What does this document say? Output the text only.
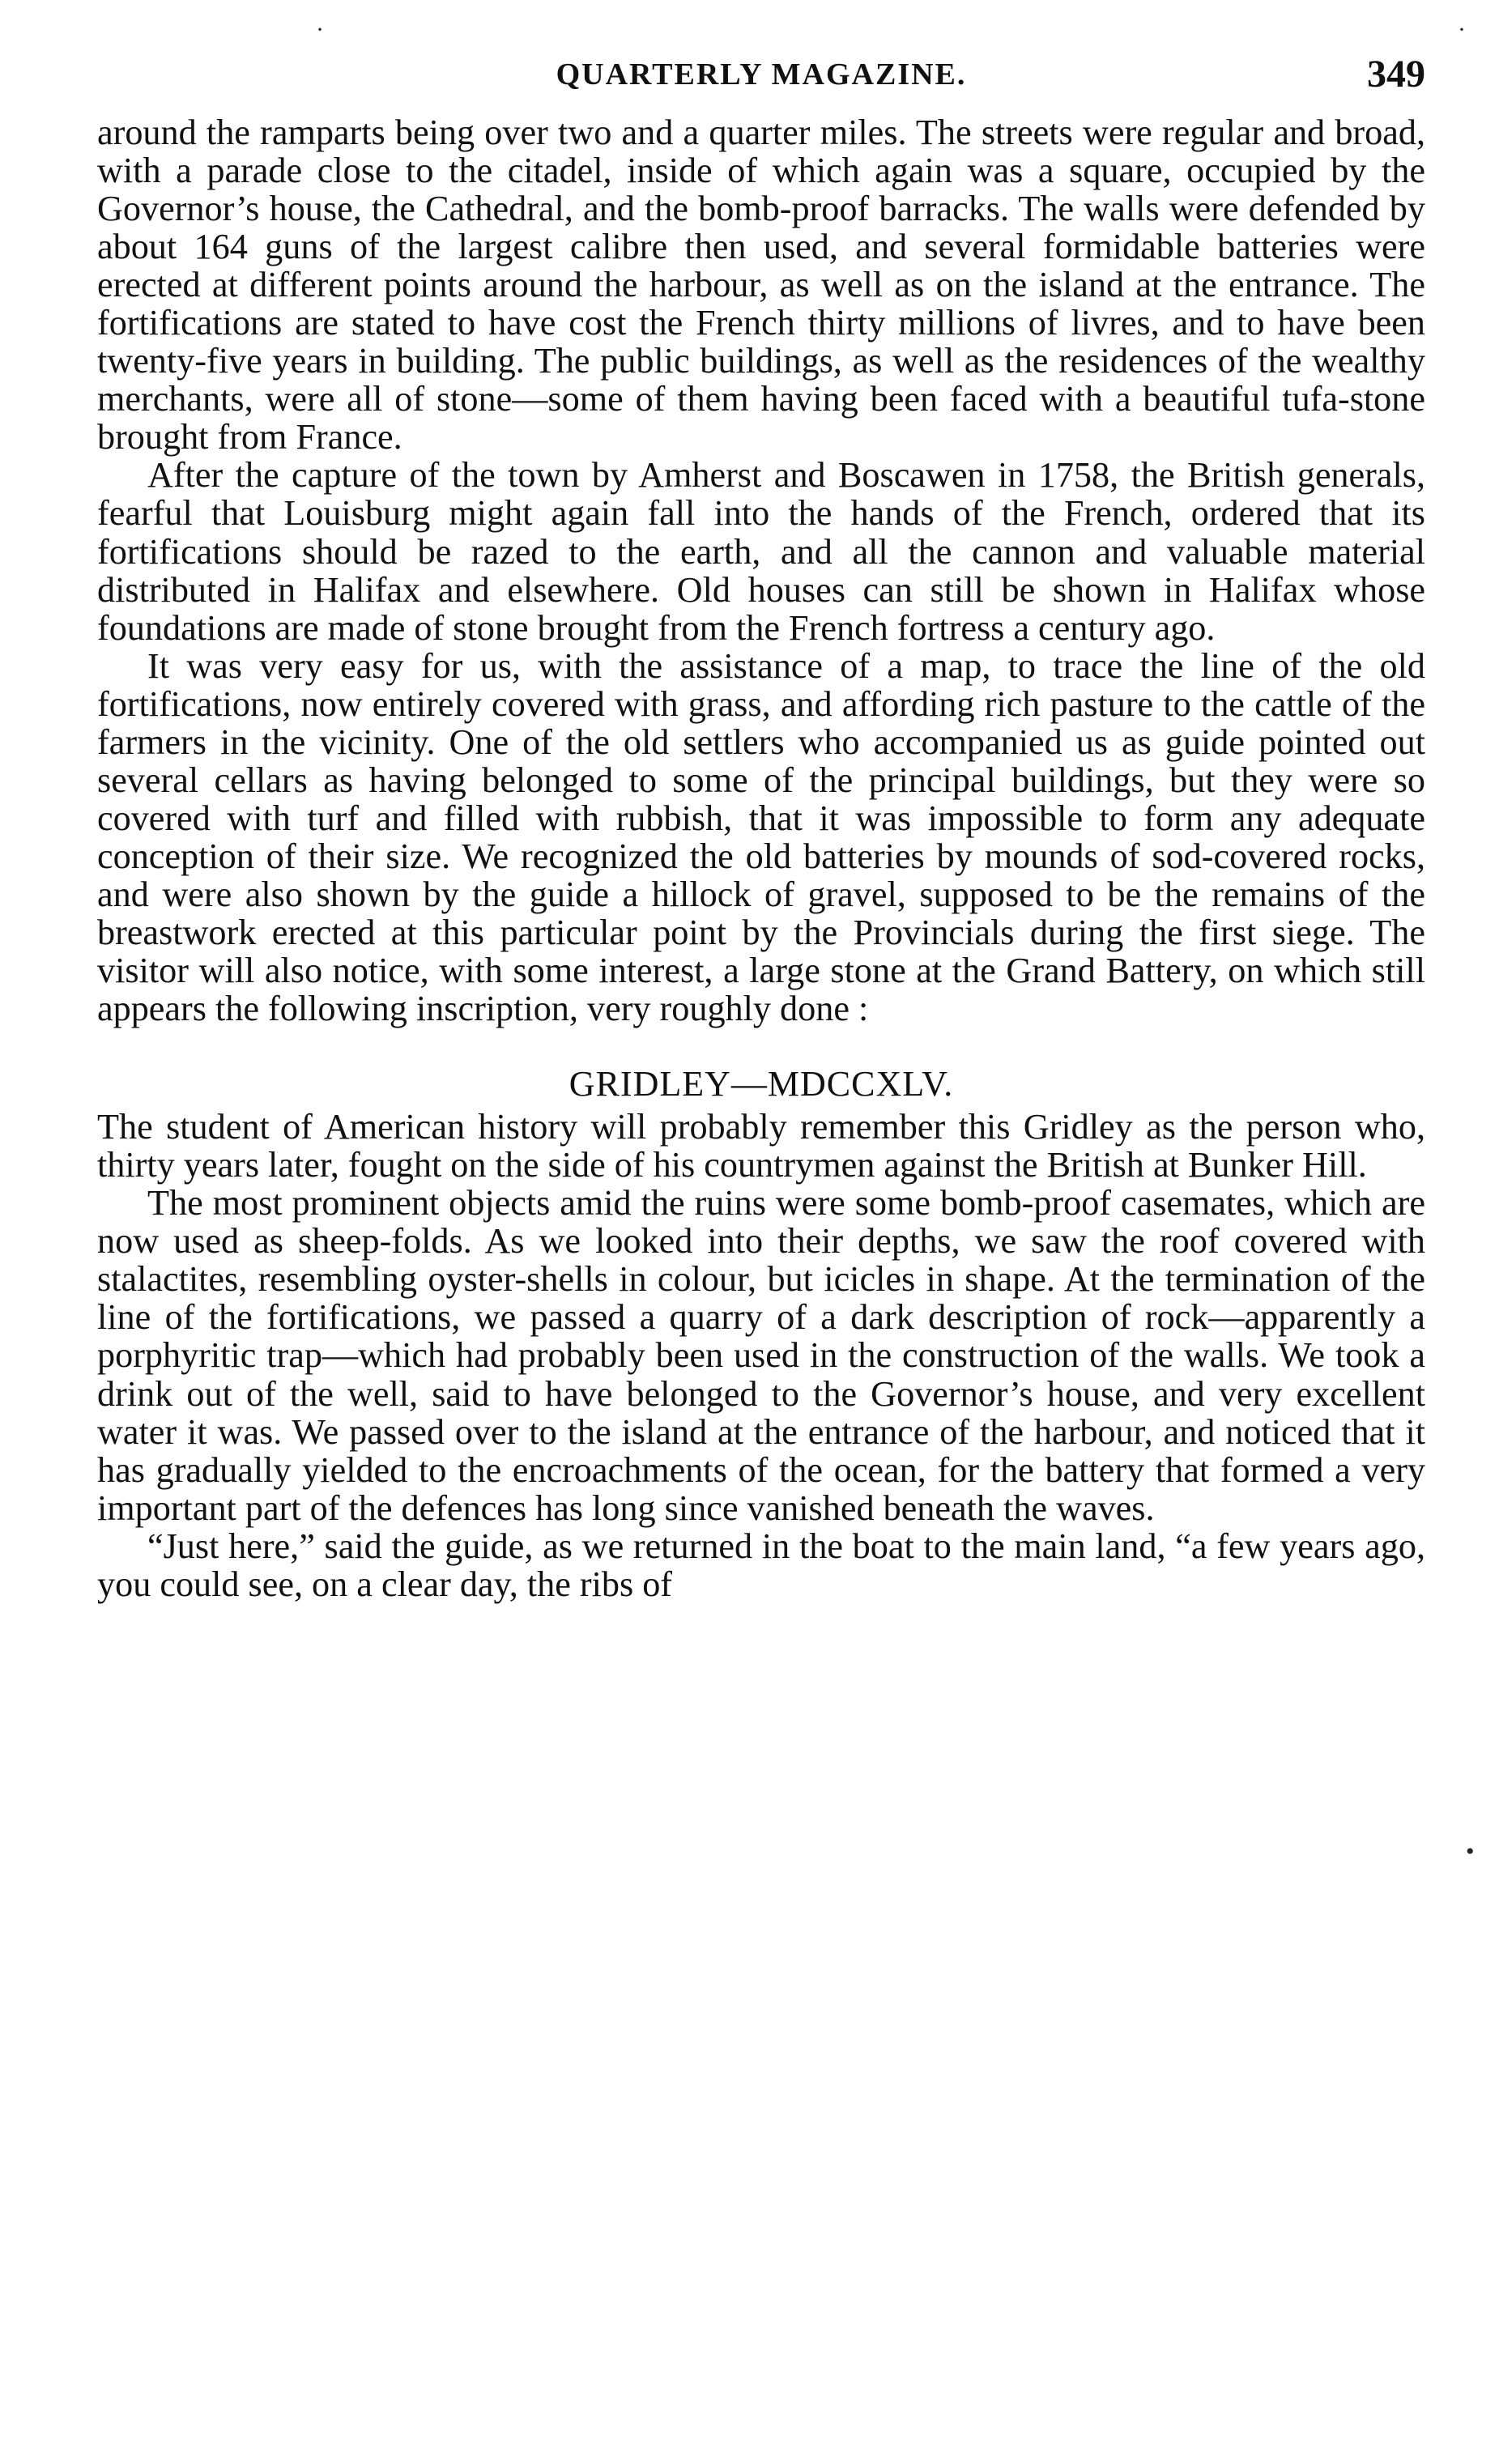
·	·
QUARTERLY MAGAZINE.	349

around the ramparts being over two and a quarter miles. The streets were regular and broad, with a parade close to the citadel, inside of which again was a square, occupied by the Governor’s house, the Cathedral, and the bomb-proof barracks. The walls were defended by about 164 guns of the largest calibre then used, and several formidable batteries were erected at different points around the harbour, as well as on the island at the entrance. The fortifications are stated to have cost the French thirty millions of livres, and to have been twenty-five years in building. The public buildings, as well as the residences of the wealthy merchants, were all of stone—some of them having been faced with a beautiful tufa-stone brought from France.

After the capture of the town by Amherst and Boscawen in 1758, the British generals, fearful that Louisburg might again fall into the hands of the French, ordered that its fortifications should be razed to the earth, and all the cannon and valuable material distributed in Halifax and elsewhere. Old houses can still be shown in Halifax whose foundations are made of stone brought from the French fortress a century ago.

It was very easy for us, with the assistance of a map, to trace the line of the old fortifications, now entirely covered with grass, and affording rich pasture to the cattle of the farmers in the vicinity. One of the old settlers who accompanied us as guide pointed out several cellars as having belonged to some of the principal buildings, but they were so covered with turf and filled with rubbish, that it was impossible to form any adequate conception of their size. We recognized the old batteries by mounds of sod-covered rocks, and were also shown by the guide a hillock of gravel, supposed to be the remains of the breastwork erected at this particular point by the Provincials during the first siege. The visitor will also notice, with some interest, a large stone at the Grand Battery, on which still appears the following inscription, very roughly done :

GRIDLEY—MDCCXLV.

The student of American history will probably remember this Gridley as the person who, thirty years later, fought on the side of his countrymen against the British at Bunker Hill.

The most prominent objects amid the ruins were some bomb-proof casemates, which are now used as sheep-folds. As we looked into their depths, we saw the roof covered with stalactites, resembling oyster-shells in colour, but icicles in shape. At the termination of the line of the fortifications, we passed a quarry of a dark description of rock—apparently a porphyritic trap—which had probably been used in the construction of the walls. We took a drink out of the well, said to have belonged to the Governor’s house, and very excellent water it was. We passed over to the island at the entrance of the harbour, and noticed that it has gradually yielded to the encroachments of the ocean, for the battery that formed a very important part of the defences has long since vanished beneath the waves.

“Just here,” said the guide, as we returned in the boat to the main land, “a few years ago, you could see, on a clear day, the ribs of

•
